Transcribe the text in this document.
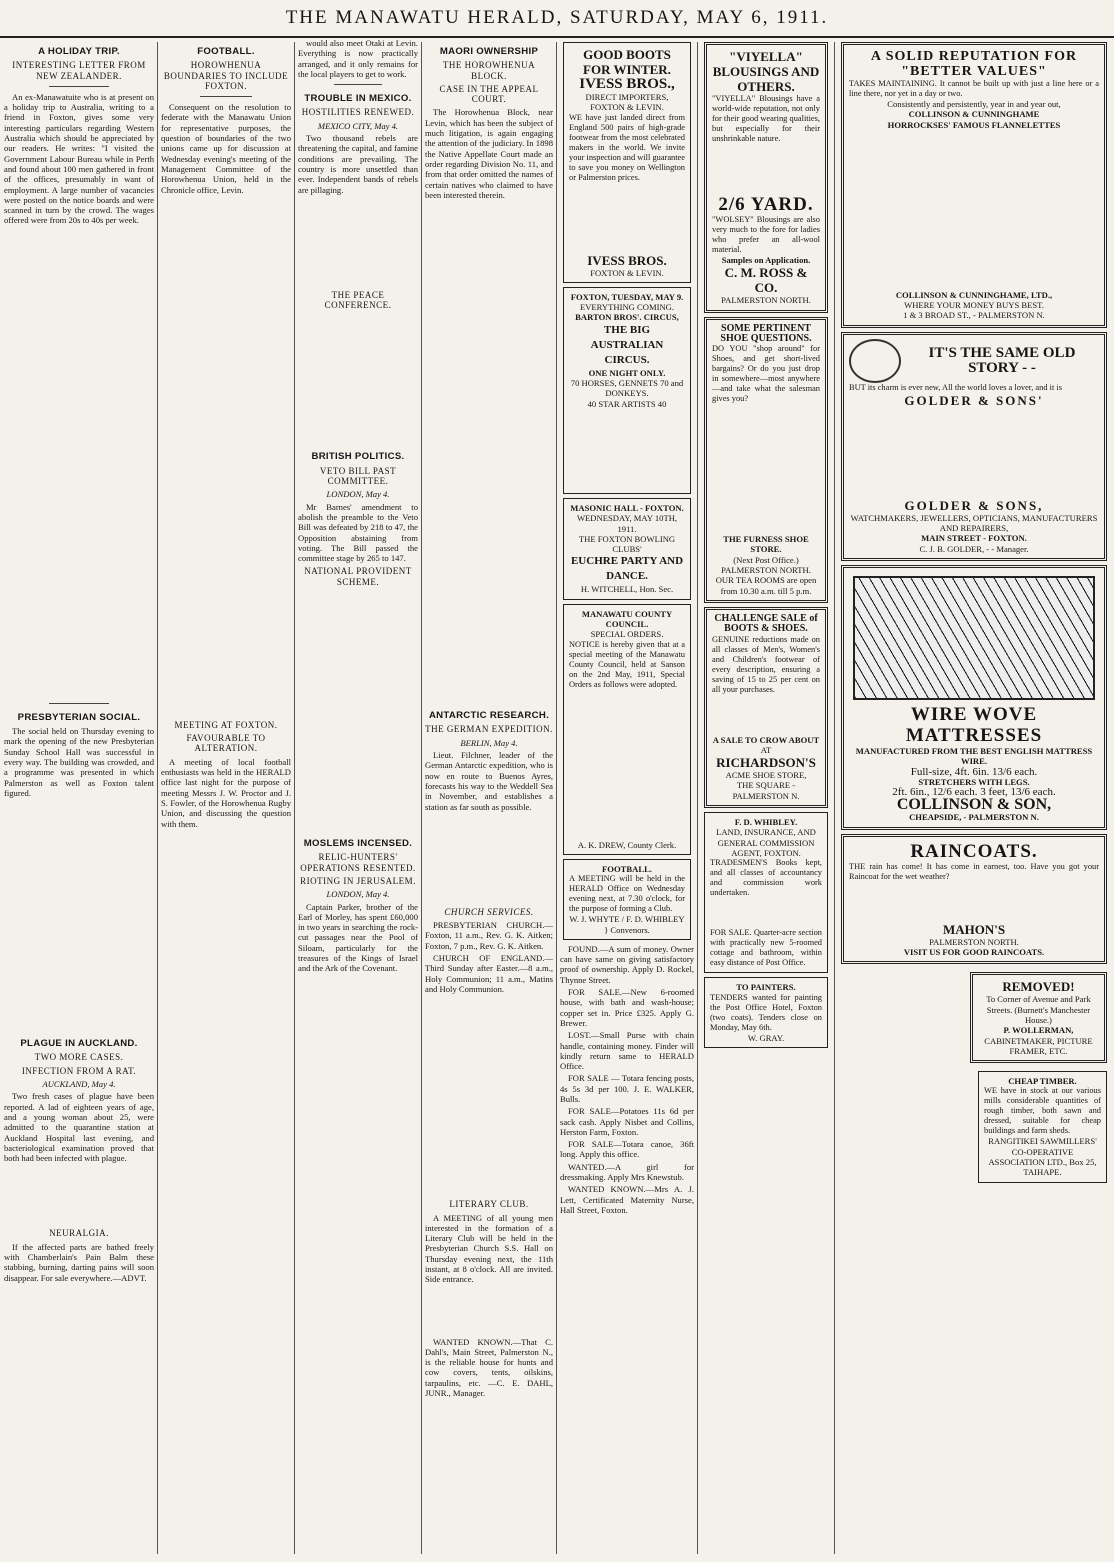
THE MANAWATU HERALD, SATURDAY, MAY 6, 1911.
A HOLIDAY TRIP.
INTERESTING LETTER FROM NEW ZEALANDER.

An ex-Manawatuite who is at present on a holiday trip to Australia, writing to a friend in Foxton, gives some very interesting particulars regarding Western Australia which should be appreciated by our readers. He writes: "I visited the Government Labour Bureau while in Perth and found about 100 men gathered in front of the offices, presumably in want of employment. A large number of vacancies were posted on the notice boards and were scanned in turn by the crowd. The wages offered were from 20s to 40s per week.

PRESBYTERIAN SOCIAL.

The social held on Thursday evening to mark the opening of the new Presbyterian Sunday School Hall was successful in every way. The building was crowded, and a programme was presented in which Palmerston as well as Foxton talent figured.

PLAGUE IN AUCKLAND.
TWO MORE CASES.
INFECTION FROM A RAT.

AUCKLAND, May 4.

Two fresh cases of plague have been reported. A lad of eighteen years of age, and a young woman about 25, were admitted to the quarantine station at Auckland Hospital last evening, and bacteriological examination proved that both had been infected with plague.

NEURALGIA.

If the affected parts are bathed freely with Chamberlain's Pain Balm these stabbing, burning, darting pains will soon disappear. For sale everywhere.—ADVT.

FOOTBALL.
HOROWHENUA BOUNDARIES TO INCLUDE FOXTON.

Consequent on the resolution to federate with the Manawatu Union for representative purposes, the question of boundaries of the two unions came up for discussion at Wednesday evening's meeting of the Management Committee of the Horowhenua Union, held in the Chronicle office, Levin.

MEETING AT FOXTON.
FAVOURABLE TO ALTERATION.

A meeting of local football enthusiasts was held in the HERALD office last night for the purpose of meeting Messrs J. W. Proctor and J. S. Fowler, of the Horowhenua Rugby Union, and discussing the question with them.

would also meet Otaki at Levin. Everything is now practically arranged, and it only remains for the local players to get to work.

TROUBLE IN MEXICO.
HOSTILITIES RENEWED.

MEXICO CITY, May 4.

Two thousand rebels are threatening the capital, and famine conditions are prevailing. The country is more unsettled than ever. Independent bands of rebels are pillaging.

THE PEACE CONFERENCE.
BRITISH POLITICS.
VETO BILL PAST COMMITTEE.

LONDON, May 4.

Mr Barnes' amendment to abolish the preamble to the Veto Bill was defeated by 218 to 47, the Opposition abstaining from voting. The Bill passed the committee stage by 265 to 147.

NATIONAL PROVIDENT SCHEME.
MOSLEMS INCENSED.
RELIC-HUNTERS' OPERATIONS RESENTED.
RIOTING IN JERUSALEM.

LONDON, May 4.

Captain Parker, brother of the Earl of Morley, has spent £60,000 in two years in searching the rock-cut passages near the Pool of Siloam, particularly for the treasures of the Kings of Israel and the Ark of the Covenant.

MAORI OWNERSHIP
THE HOROWHENUA BLOCK.
CASE IN THE APPEAL COURT.

The Horowhenua Block, near Levin, which has been the subject of much litigation, is again engaging the attention of the judiciary. In 1898 the Native Appellate Court made an order regarding Division No. 11, and from that order omitted the names of certain natives who claimed to have been interested therein.

ANTARCTIC RESEARCH.
THE GERMAN EXPEDITION.

BERLIN, May 4.

Lieut. Filchner, leader of the German Antarctic expedition, who is now en route to Buenos Ayres, forecasts his way to the Weddell Sea in November, and establishes a station as far south as possible.

CHURCH SERVICES.

PRESBYTERIAN CHURCH.—Foxton, 11 a.m., Rev. G. K. Aitken; Foxton, 7 p.m., Rev. G. K. Aitken.

CHURCH OF ENGLAND.—Third Sunday after Easter.—8 a.m., Holy Communion; 11 a.m., Matins and Holy Communion.

LITERARY CLUB.

A MEETING of all young men interested in the formation of a Literary Club will be held in the Presbyterian Church S.S. Hall on Thursday evening next, the 11th instant, at 8 o'clock. All are invited. Side entrance.

WANTED KNOWN.—That C. Dahl's, Main Street, Palmerston N., is the reliable house for hunts and cow covers, tents, oilskins, tarpaulins, etc. —C. E. DAHL, JUNR., Manager.

GOOD BOOTS FOR WINTER.
IVESS BROS.,
DIRECT IMPORTERS, FOXTON & LEVIN.
WE have just landed direct from England 500 pairs of high-grade footwear from the most celebrated makers in the world. We invite your inspection and will guarantee to save you money on Wellington or Palmerston prices.
IVESS BROS.
FOXTON & LEVIN.
FOXTON, TUESDAY, MAY 9.
EVERYTHING COMING.
BARTON BROS'. CIRCUS,
THE BIG AUSTRALIAN CIRCUS.
ONE NIGHT ONLY.
70 HORSES, GENNETS 70 and DONKEYS.
40 STAR ARTISTS 40
MASONIC HALL - FOXTON.
WEDNESDAY, MAY 10TH, 1911.
THE FOXTON BOWLING CLUBS'
EUCHRE PARTY AND DANCE.
H. WITCHELL, Hon. Sec.
MANAWATU COUNTY COUNCIL.
SPECIAL ORDERS.
NOTICE is hereby given that at a special meeting of the Manawatu County Council, held at Sanson on the 2nd May, 1911, Special Orders as follows were adopted.
A. K. DREW, County Clerk.
FOOTBALL.
A MEETING will be held in the HERALD Office on Wednesday evening next, at 7.30 o'clock, for the purpose of forming a Club.
W. J. WHYTE / F. D. WHIBLEY } Convenors.

FOUND.—A sum of money. Owner can have same on giving satisfactory proof of ownership. Apply D. Rockel, Thynne Street.

FOR SALE.—New 6-roomed house, with bath and wash-house; copper set in. Price £325. Apply G. Brewer.

LOST.—Small Purse with chain handle, containing money. Finder will kindly return same to HERALD Office.

FOR SALE — Totara fencing posts, 4s 5s 3d per 100. J. E. WALKER, Bulls.

FOR SALE—Potatoes 11s 6d per sack cash. Apply Nisbet and Collins, Herston Farm, Foxton.

FOR SALE—Totara canoe, 36ft long. Apply this office.

WANTED.—A girl for dressmaking. Apply Mrs Knewstub.

WANTED KNOWN.—Mrs A. J. Lett, Certificated Maternity Nurse, Hall Street, Foxton.

"VIYELLA" BLOUSINGS AND OTHERS.
"VIYELLA" Blousings have a world-wide reputation, not only for their good wearing qualities, but especially for their unshrinkable nature.
2/6 YARD.
"WOLSEY" Blousings are also very much to the fore for ladies who prefer an all-wool material.
Samples on Application.
C. M. ROSS & CO.
PALMERSTON NORTH.
SOME PERTINENT SHOE QUESTIONS.
DO YOU "shop around" for Shoes, and get short-lived bargains? Or do you just drop in somewhere—most anywhere—and take what the salesman gives you?
THE FURNESS SHOE STORE.
(Next Post Office.) PALMERSTON NORTH.
OUR TEA ROOMS are open from 10.30 a.m. till 5 p.m.
CHALLENGE SALE of BOOTS & SHOES.
GENUINE reductions made on all classes of Men's, Women's and Children's footwear of every description, ensuring a saving of 15 to 25 per cent on all your purchases.
A SALE TO CROW ABOUT
AT
RICHARDSON'S
ACME SHOE STORE,
THE SQUARE - PALMERSTON N.
F. D. WHIBLEY.
LAND, INSURANCE, AND GENERAL COMMISSION AGENT, FOXTON.
TRADESMEN'S Books kept, and all classes of accountancy and commission work undertaken.
FOR SALE. Quarter-acre section with practically new 5-roomed cottage and bathroom, within easy distance of Post Office.
TO PAINTERS.
TENDERS wanted for painting the Post Office Hotel, Foxton (two coats). Tenders close on Monday, May 6th.
W. GRAY.
A SOLID REPUTATION FOR "BETTER VALUES"
TAKES MAINTAINING. It cannot be built up with just a line here or a line there, nor yet in a day or two.
Consistently and persistently, year in and year out,
COLLINSON & CUNNINGHAME
HORROCKSES' FAMOUS FLANNELETTES
COLLINSON & CUNNINGHAME, LTD.,
WHERE YOUR MONEY BUYS BEST.
1 & 3 BROAD ST., - PALMERSTON N.
IT'S THE SAME OLD STORY - -
BUT its charm is ever new, All the world loves a lover, and it is
GOLDER & SONS'
GOLDER & SONS,
WATCHMAKERS, JEWELLERS, OPTICIANS, MANUFACTURERS AND REPAIRERS,
MAIN STREET - FOXTON.
C. J. B. GOLDER, - - Manager.
WIRE WOVE MATTRESSES
MANUFACTURED FROM THE BEST ENGLISH MATTRESS WIRE.
Full-size, 4ft. 6in. 13/6 each.
STRETCHERS WITH LEGS.
2ft. 6in., 12/6 each. 3 feet, 13/6 each.
COLLINSON & SON,
CHEAPSIDE, - PALMERSTON N.
RAINCOATS.
THE rain has come! It has come in earnest, too. Have you got your Raincoat for the wet weather?
MAHON'S
PALMERSTON NORTH.
VISIT US FOR GOOD RAINCOATS.
REMOVED!
To Corner of Avenue and Park Streets. (Burnett's Manchester House.)
P. WOLLERMAN,
CABINETMAKER, PICTURE FRAMER, ETC.
CHEAP TIMBER.
WE have in stock at our various mills considerable quantities of rough timber, both sawn and dressed, suitable for cheap buildings and farm sheds.
RANGITIKEI SAWMILLERS' CO-OPERATIVE ASSOCIATION LTD., Box 25, TAIHAPE.
